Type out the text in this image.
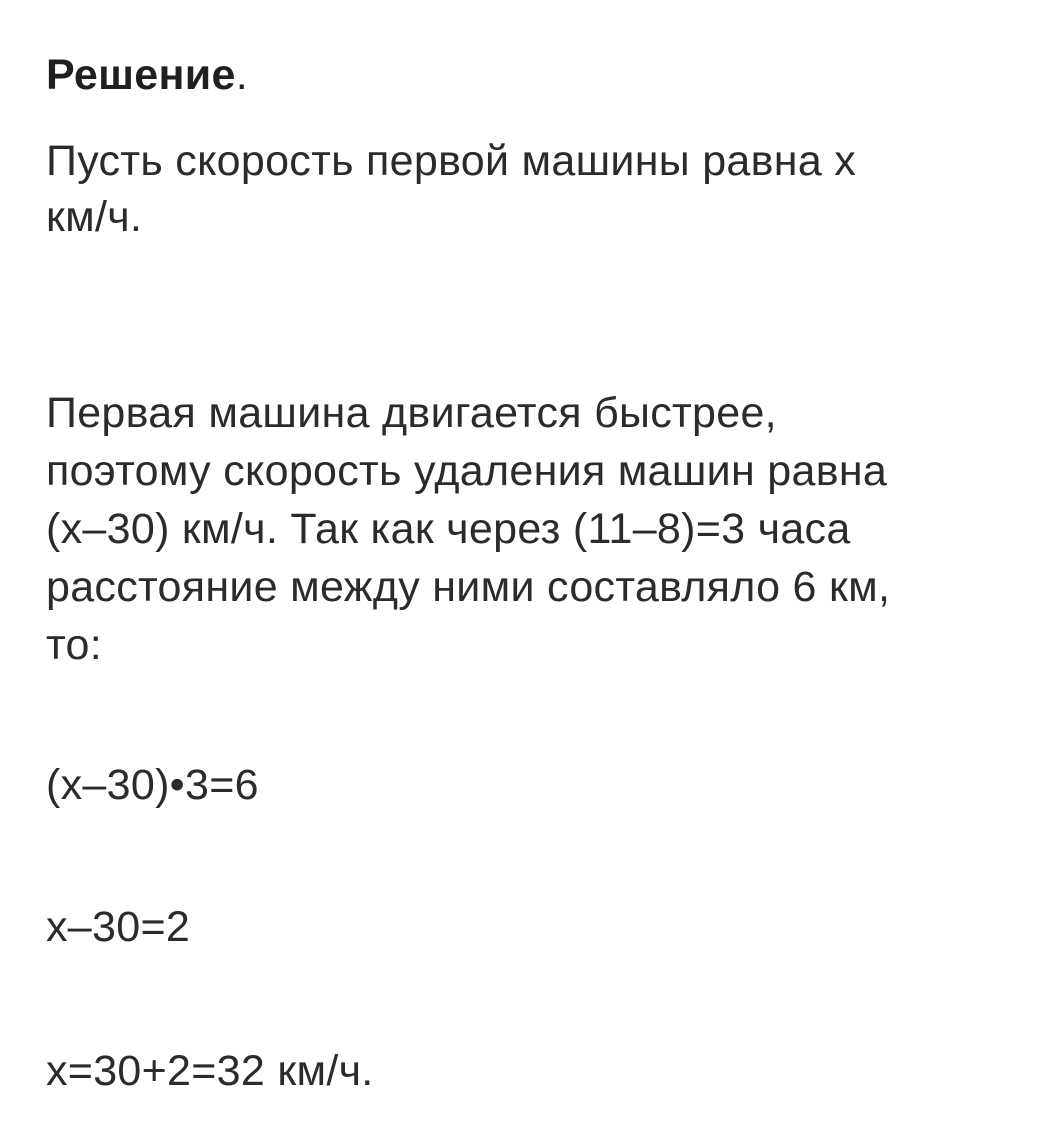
Решение.
Пусть скорость первой машины равна х
км/ч.
Первая машина двигается быстрее,
поэтому скорость удаления машин равна
(х–30) км/ч. Так как через (11–8)=3 часа
расстояние между ними составляло 6 км,
то:
(х–30)•3=6
х–30=2
х=30+2=32 км/ч.
